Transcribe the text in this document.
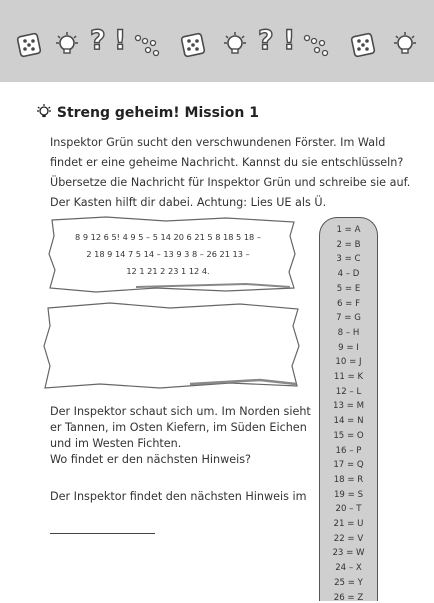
? !	? !
Streng geheim! Mission 1
Inspektor Grün sucht den verschwundenen Förster. Im Wald
findet er eine geheime Nachricht. Kannst du sie entschlüsseln?
Übersetze die Nachricht für Inspektor Grün und schreibe sie auf.
Der Kasten hilft dir dabei. Achtung: Lies UE als Ü.
8 9 12 6 5! 4 9 5 – 5 14 20 6 21 5 8 18 5 18 –
2 18 9 14 7 5 14 – 13 9 3 8 – 26 21 13 –
12 1 21 2 23 1 12 4.
Der Inspektor schaut sich um. Im Norden sieht
er Tannen, im Osten Kiefern, im Süden Eichen
und im Westen Fichten.
Wo findet er den nächsten Hinweis?
Der Inspektor findet den nächsten Hinweis im
1 = A
2 = B
3 = C
4 – D
5 = E
6 = F
7 = G
8 – H
9 = I
10 = J
11 = K
12 – L
13 = M
14 = N
15 = O
16 – P
17 = Q
18 = R
19 = S
20 – T
21 = U
22 = V
23 = W
24 – X
25 = Y
26 = Z
